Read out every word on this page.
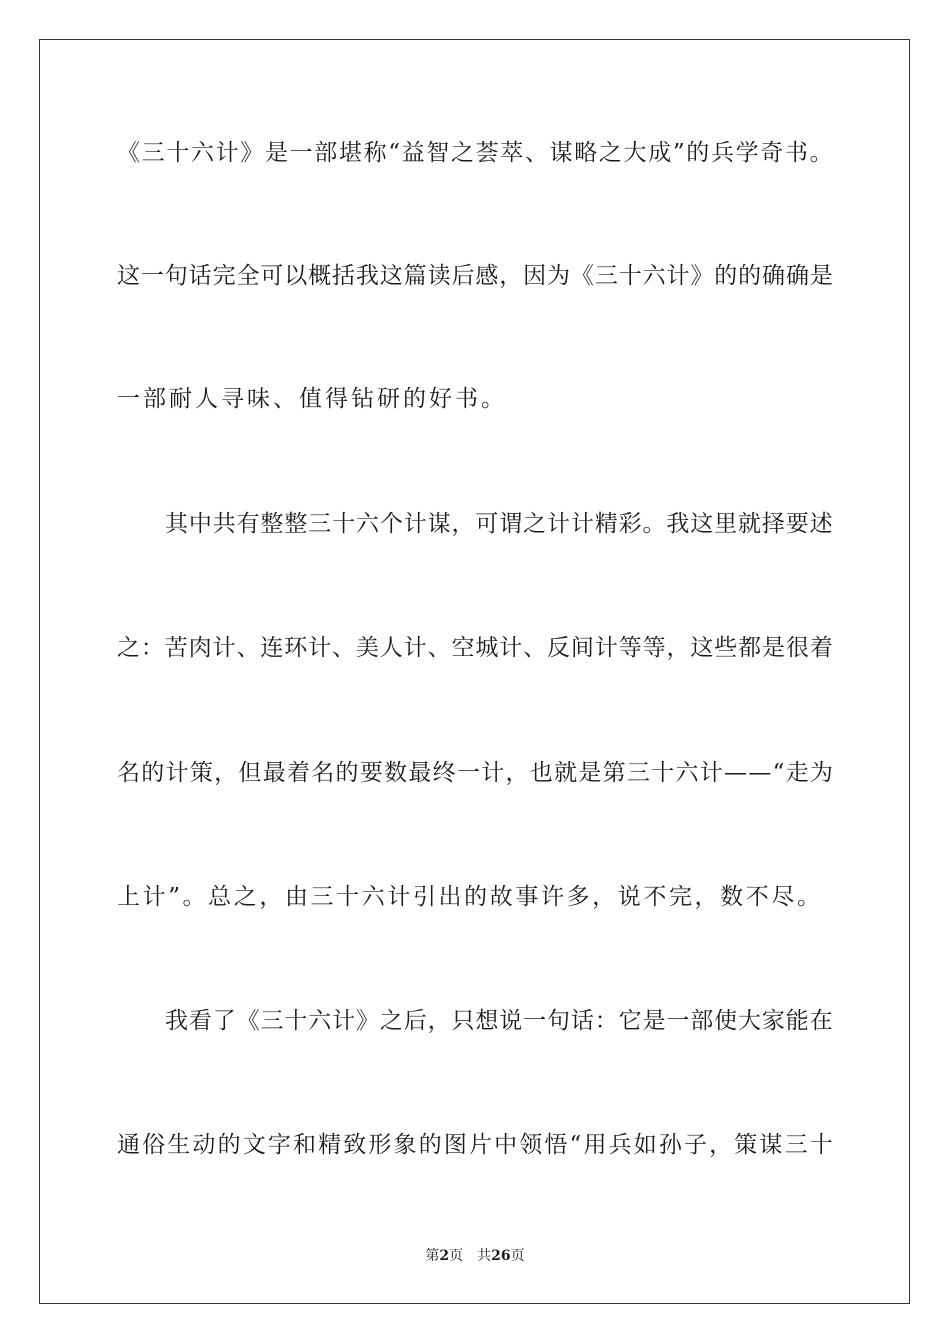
《 三 十 六 计 》 是 一 部 堪 称 “ 益 智 之 荟 萃 、 谋 略 之 大 成 ” 的 兵 学 奇 书 。
这 一 句 话 完 全 可 以 概 括 我 这 篇 读 后 感 ， 因 为 《 三 十 六 计 》 的 的 确 确 是
一部耐人寻味、值得钻研的好书。
其 中 共 有 整 整 三 十 六 个 计 谋 ， 可 谓 之 计 计 精 彩 。 我 这 里 就 择 要 述
之 ： 苦 肉 计 、 连 环 计 、 美 人 计 、 空 城 计 、 反 间 计 等 等 ， 这 些 都 是 很 着
名 的 计 策 ， 但 最 着 名 的 要 数 最 终 一 计 ， 也 就 是 第 三 十 六 计 — — “ 走 为
上计”。总之，由三十六计引出的故事许多，说不完，数不尽。
我 看 了 《 三 十 六 计 》 之 后 ， 只 想 说 一 句 话 ： 它 是 一 部 使 大 家 能 在
通 俗 生 动 的 文 字 和 精 致 形 象 的 图 片 中 领 悟 “ 用 兵 如 孙 子 ， 策 谋 三 十
第2页 共26页
